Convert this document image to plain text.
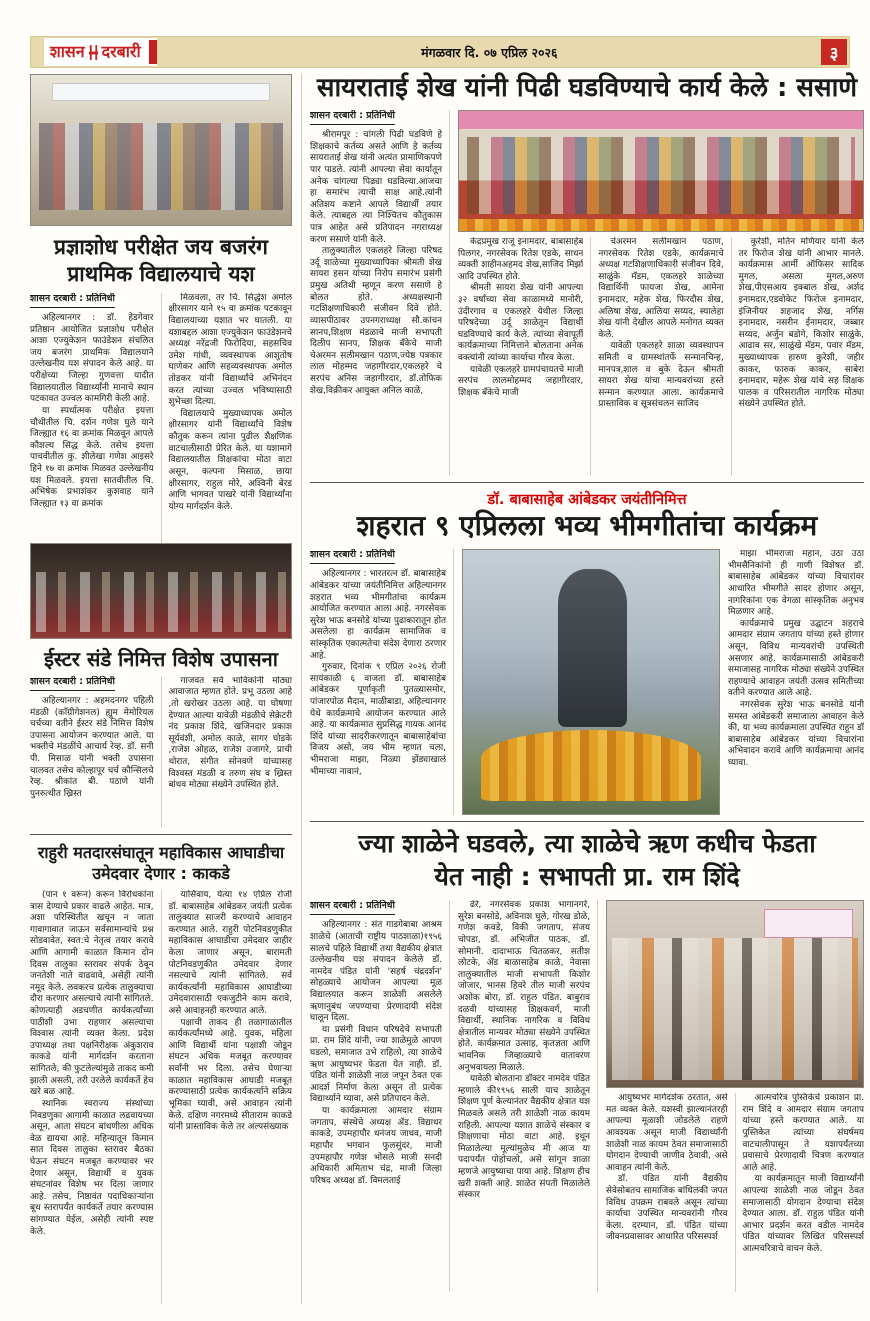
शासन दरबारी	मंगळवार दि. ०७ एप्रिल २०२६	३
प्रज्ञाशोध परीक्षेत जय बजरंग प्राथमिक विद्यालयाचे यश
शासन दरबारी : प्रतिनिधी

अहिल्यानगर : डॉ. हेडगेवार प्रतिष्ठान आयोजित प्रज्ञाशोध परीक्षेत आशा एज्युकेशन फाउंडेशन संचलित जय बजरंग प्राथमिक विद्यालयाने उल्लेखनीय यश संपादन केले आहे. या परीक्षेच्या जिल्हा गुणवत्ता यादीत विद्यालयातील विद्यार्थ्यांनी मानाचे स्थान पटकावत उज्वल कामगिरी केली आहे.

या स्पर्धात्मक परीक्षेत इयत्ता चौथीतील चि. दर्शन गणेश घुले याने जिल्ह्यात १६ वा क्रमांक मिळवून आपले कौशल्य सिद्ध केले. तसेच इयत्ता पाचवीतील कु. शीलेखा गणेश आइसरे हिने १७ वा क्रमांक मिळवत उल्लेखनीय यश मिळवले. इयत्ता सातवीतील चि. अभिषेक प्रभाशंकर कुशवाह याने जिल्ह्यात १३ वा क्रमांक

मिळवला, तर चि. सिद्धेश अमोल क्षीरसागर याने १५ वा क्रमांक पटकावून विद्यालयाच्या यशात भर घातली. या यशाबद्दल आशा एज्युकेशन फाउंडेशनचे अध्यक्ष नरेंद्रजी फिरोदिया, सहसचिव उमेश गांधी, व्यवस्थापक आशुतोष घाणेकर आणि सहव्यवस्थापक अमोल तोडकर यांनी विद्यार्थ्यांचे अभिनंदन करत त्यांच्या उज्वल भविष्यासाठी शुभेच्छा दिल्या.

विद्यालयाचे मुख्याध्यापक अमोल क्षीरसागर यांनी विद्यार्थ्यांचे विशेष कौतुक करून त्यांना पुढील शैक्षणिक वाटचालीसाठी प्रेरित केले. या यशामागे विद्यालयातील शिक्षकांचा मोठा वाटा असून, कल्पना मिसाळ, छाया क्षीरसागर, राहुल मोरे, अश्विनी बेरड आणि भागवत पाखरे यांनी विद्यार्थ्यांना योग्य मार्गदर्शन केले.

ईस्टर संडे निमित्त विशेष उपासना
शासन दरबारी : प्रतिनिधी

अहिल्यानगर : अहमदनगर पहिली मंडळी (काँग्रीगेशनल) ह्युम मेमोरियल चर्चच्या वतीने ईस्टर संडे निमित्त विशेष उपासना आयोजन करण्यात आले. या भक्तीचे मंडळींचे आचार्य रेव्ह. डॉ. सनी पी. मिसाळ यांनी भक्ती उपासना चालवत तसेच कोल्हापूर चर्च कौन्सिलचे रेव्ह. श्रीकांत बी. पठाणे यांनी पुनरुत्थीत ख्रिस्त

गाजवत सर्व भाविकांनी मोठ्या आवाजात म्हणत होते. प्रभू उठला आहे ,तो खरोखर उठला आहे. या घोषणा देण्यात आल्या यावेळी मंडळीचे सेक्रेटरी नंद प्रकाश शिंदे, खजिनदार प्रकाश सूर्यवंशी, अमोल काळे, सागर घोडके ,राजेश ओहळ, राजेश उजागरे, प्राची थोरात, संगीत सोनवणे यांच्यासह विश्वस्त मंडळी व तरुण संघ व ख्रिस्त बांधव मोठ्या संख्येने उपस्थित होते.

राहुरी मतदारसंघातून महाविकास आघाडीचा उमेदवार देणार : काकडे

(पान १ वरून) करून विरोधकांना त्रास देण्याचे प्रकार वाढले आहेत. मात्र, अशा परिस्थितीत खचून न जाता गावागावात जाऊन सर्वसामान्यांचे प्रश्न सोडवावेत, स्वत:चे नेतृत्व तयार करावे आणि आगामी काळात किमान दोन दिवस तालुका स्तरावर संपर्क ठेवून जनतेशी नाते वाढवावे, असेही त्यांनी नमूद केले. लवकरच प्रत्येक तालुक्याचा दौरा करणार असल्याचे त्यांनी सांगितले. कोणत्याही अडचणीत कार्यकर्त्यांच्या पाठीशी उभा राहणार असल्याचा विश्वास त्यांनी व्यक्त केला. प्रदेश उपाध्यक्ष तथा पक्षनिरीक्षक अंकुशराव काकडे यांनी मार्गदर्शन करताना सांगितले, की फुटलेल्यांमुळे ताकद कमी झाली असली, तरी उरलेले कार्यकर्ते हेच खरे बळ आहे.

स्थानिक स्वराज्य संस्थांच्या निवडणुका आगामी काळात लढवायच्या असून, आता संघटन बांधणीला अधिक वेळ द्यायचा आहे. महिन्यातून किमान सात दिवस तालुका स्तरावर बैठका घेऊन संघटन मजबूत करण्यावर भर देणार असून, विद्यार्थी व युवक संघटनांवर विशेष भर दिला जाणार आहे. तसेच, निष्ठावंत पदाधिकाऱ्यांना बूथ स्तरापर्यंत कार्यकर्ते तयार करण्यास सांगण्यात येईल, असेही त्यांनी स्पष्ट केले.

यासिवाय, येत्या १४ एप्रिल रोजी डॉ. बाबासाहेब आंबेडकर जयंती प्रत्येक तालुक्यात साजरी करण्याचे आवाहन करण्यात आले. राहुरी पोटनिवडणुकीत महाविकास आघाडीचा उमेदवार जाहीर केला जाणार असून, बारामती पोटनिवडणुकीत उमेदवार देणार नसल्याचे त्यांनी सांगितले. सर्व कार्यकर्त्यांनी महाविकास आघाडीच्या उमेदवारासाठी एकजुटीने काम करावे, असे आवाहनही करण्यात आले.

पक्षाची ताकद ही तळागाळातील कार्यकर्त्यांमध्ये आहे. युवक, महिला आणि विद्यार्थी यांना पक्षाशी जोडून संघटन अधिक मजबूत करण्यावर सर्वांनी भर दिला. तसेच येणाऱ्या काळात महाविकास आघाडी मजबूत करण्यासाठी प्रत्येक कार्यकर्त्याने सक्रिय भूमिका घ्यावी, असे आवाहन त्यांनी केले. दक्षिण नगरमध्ये सीताराम काकडे यांनी प्रास्ताविक केले तर अल्पसंख्याक

सायराताई शेख यांनी पिढी घडविण्याचे कार्य केले : ससाणे
शासन दरबारी : प्रतिनिधी

श्रीरामपूर : चांगली पिढी घडविणे हे शिक्षकाचे कर्तव्य असते आणि हे कर्तव्य सायराताई शेख यांनी अत्यंत प्रामाणिकपणे पार पाडले. त्यांनी आपल्या सेवा कार्यातून अनेक चांगल्या पिढ्या घडविल्या.आजचा हा समारंभ त्याची साक्ष आहे.त्यांनी अतिशय कष्टाने आपले विद्यार्थी तयार केले. त्याबद्दल त्या निश्चितच कौतुकास पात्र आहेत असे प्रतिपादन नगराध्यक्ष करण ससाणे यांनी केले.

तालुक्यातील एकलहरे जिल्हा परिषद उर्दू शाळेच्या मुख्याध्यापिका श्रीमती शेख सायरा हसन यांच्या निरोप समारंभ प्रसंगी प्रमुख अतिथी म्हणून करण ससाणे हे बोलत होते. अध्यक्षस्थानी गटशिक्षणाधिकारी संजीवन दिवे होते. व्यासपीठावर उपनगराध्यक्ष सौ.कांचन सानप,शिक्षण मंडळाचे माजी सभापती दिलीप सानप, शिक्षक बँकेचे माजी चेअरमन सलीमखान पठाण,ज्येष्ठ पत्रकार लाल मोहम्मद जहागीरदार,एकलहरे चे सरपंच अनिस जहागीरदार, डॉ.तोफिक शेख,विक्रीकर आयुक्त अनिल काळे,

केंद्रप्रमुख राजू इनामदार, बाबासाहेब पिलगर, नगरसेवक रितेश एडके, साधन व्यक्ती शाहीनअहमद शेख,साजिद मिर्झा आदि उपस्थित होते.

श्रीमती सायरा शेख यांनी आपल्या ३२ वर्षांच्या सेवा काळामध्ये मानोरी, उंदीरगाव व एकलहरे येथील जिल्हा परिषदेच्या उर्दू शाळेतून विद्यार्थी घडविण्याचे कार्य केले. त्यांच्या सेवापूर्ती कार्यक्रमाच्या निमित्ताने बोलताना अनेक वक्त्यांनी त्यांच्या कार्याचा गौरव केला.

यावेळी एकलहरे ग्रामपंचायतचे माजी सरपंच लालमोहम्मद जहागीरदार, शिक्षक बँकेचे माजी

चेअरमन सलीमखान पठाण, नगरसेवक रितेश एडके, कार्यक्रमाचे अध्यक्ष गटशिक्षणाधिकारी संजीवन दिवे, साळुंके मॅडम, एकलहरे शाळेच्या विद्यार्थिनी फायजा शेख, आमेना इनामदार, महेक शेख, फिरदौस शेख, अलिषा शेख, आलिया सय्यद, स्यालेहा शेख यांनी देखील आपले मनोगत व्यक्त केले.

यावेळी एकलहरे शाळा व्यवस्थापन समिती व ग्रामस्थांतर्फे सन्मानचिन्ह, मानपत्र,शाल व बुके देऊन श्रीमती सायरा शेख यांचा मान्यवरांच्या हस्ते सन्मान करण्यात आला. कार्यक्रमाचे प्रास्ताविक व सूत्रसंचलन साजिद

कुरेशी, मतिन मणियार यांनी केले तर फिरोज शेख यांनी आभार मानले. कार्यक्रमास आर्मी ऑफिसर सादिक मुगल, असला मुगल,अरुण शेख,पीएसआय इक्बाल शेख, अर्शद इनामदार,एडवोकेट फिरोज इनामदार, इंजिनीयर शहजाद शेख, नर्गिस इनामदार, नसरीन ईनामदार, जब्बार सय्यद, अर्जुन बडोगे, किशोर साळुंके, आढाव सर, साळुंखे मॅडम, पवार मॅडम, मुख्याध्यापक हारुण कुरेशी, जहीर काकर, फारुक काकर, साबेरा इनामदार, महेरू शेख यांचे सह शिक्षक पालक व परिसरातील नागरिक मोठ्या संख्येने उपस्थित होते.

डॉ. बाबासाहेब आंबेडकर जयंतीनिमित्त
शहरात ९ एप्रिलला भव्य भीमगीतांचा कार्यक्रम
शासन दरबारी : प्रतिनिधी

अहिल्यानगर : भारतरत्न डॉ. बाबासाहेब आंबेडकर यांच्या जयंतीनिमित्त अहिल्यानगर शहरात भव्य भीमगीतांचा कार्यक्रम आयोजित करण्यात आला आहे. नगरसेवक सुरेश भाऊ बनसोडे यांच्या पुढाकारातून होत असलेला हा कार्यक्रम सामाजिक व सांस्कृतिक एकात्मतेचा संदेश देणारा ठरणार आहे.

गुरुवार, दिनांक ९ एप्रिल २०२६ रोजी सायंकाळी ६ वाजता डॉ. बाबासाहेब आंबेडकर पूर्णाकृती पुतळ्यासमोर, पांजारपोळ मैदान, माळीबाडा, अहिल्यानगर येथे कार्यक्रमाचे आयोजन करण्यात आले आहे. या कार्यक्रमात सुप्रसिद्ध गायक आनंद शिंदे यांच्या सादरीकरणातून बाबासाहेबांचा विजय असो, जय भीम म्हणत चला, भीमराजा माझा, निळ्या झेंड्याखालं भीमाच्या नावानं,

माझा भीमराजा महान, उठा उठा भीमसैनिकांनो ही गाणी विशेषत डॉ. बाबासाहेब आंबेडकर यांच्या विचारांवर आधारित भीमगीते सादर होणार असून, नागरिकांना एक वेगळा सांस्कृतिक अनुभव मिळणार आहे.

कार्यक्रमाचे प्रमुख उद्घाटन शहराचे आमदार संग्राम जगताप यांच्या हस्ते होणार असून, विविध मान्यवरांची उपस्थिती असणार आहे. कार्यक्रमासाठी आंबेडकरी समाजासह नागरिक मोठ्या संख्येने उपस्थित राहण्याचे आवाहन जयंती उत्सव समितीच्या वतीने करण्यात आले आहे.

नगरसेवक सुरेश भाऊ बनसोडे यांनी समस्त आंबेडकरी समाजाला आवाहन केले की, या भव्य कार्यक्रमाला उपस्थित राहून डॉ बाबासाहेब आंबेडकर यांच्या विचारांना अभिवादन करावे आणि कार्यक्रमाचा आनंद घ्यावा.

ज्या शाळेने घडवले, त्या शाळेचे ऋण कधीच फेडता येत नाही : सभापती प्रा. राम शिंदे
शासन दरबारी : प्रतिनिधी

अहिल्यानगर : संत गाडगेबाबा आश्रम शाळेचे (आताची राष्ट्रीय पाठशाळा)१९५६ सालचे पहिले विद्यार्थी तथा वैद्यकीय क्षेत्रात उल्लेखनीय यश संपादन केलेले डॉ. नामदेव पंडित यांनी 'सहर्ष चंद्रदर्शन' सोहळ्याचे आयोजन आपल्या मूळ विद्यालयात करून शाळेशी असलेले ऋणानुबंध जपण्याचा प्रेरणादायी संदेश घालून दिला.

या प्रसंगी विधान परिषदेचे सभापती प्रा. राम शिंदे यांनी, ज्या शाळेमुळे आपण घडलो, समाजात उभे राहिलो, त्या शाळेचे ऋण आयुष्यभर फेडता येत नाही. डॉ. पंडित यांनी शाळेशी नाळ जपून ठेवत एक आदर्श निर्माण केला असून तो प्रत्येक विद्यार्थ्याने घ्यावा, असे प्रतिपादन केले.

या कार्यक्रमाला आमदार संग्राम जगताप, संस्थेचे अध्यक्ष ॲड. विद्याधर काकडे, उपमहापौर धनंजय जाधव, माजी महापौर भगवान फुलसुंदर, माजी उपमहापौर गणेश भोसले माजी सनदी अधिकारी अमिताभ चंद्र, माजी जिल्हा परिषद अध्यक्ष डॉ. विमलताई

ढेरे, नगरसेवक प्रकाश भागानगरे, सुरेश बनसोडे, अविनाश घुले, गोरख डोळे, गणेश कवडे, विकी जगताप, संजय चोपडा, डॉ. अभिजीत पाठक, डॉ. सोमानी. दादाभाऊ चितळकर, सतीश लोटके, ॲड बाळासाहेब काळे, नेवासा तालुक्यातील माजी सभापती किशोर जोजार, भानस हिवरे तील माजी सरपंच अशोक बोरा, डॉ. राहुल पंडित. बाबुराव दळवी यांच्यासह शिक्षकवर्ग, माजी विद्यार्थी, स्थानिक नागरिक व विविध क्षेत्रातील मान्यवर मोठ्या संख्येने उपस्थित होते. कार्यक्रमात उत्साह, कृतज्ञता आणि भावनिक जिव्हाळ्याचे वातावरण अनुभवायला मिळाले.

यावेळी बोलताना डॉक्टर नामदेव पंडित म्हणाले की१९५६ साली याच शाळेतून शिक्षण पूर्ण केल्यानंतर वैद्यकीय क्षेत्रात यश मिळवले असले तरी शाळेशी नाळ कायम राहिली. आपल्या यशात शाळेचे संस्कार व शिक्षणाचा मोठा वाटा आहे. इथून मिळालेल्या मूल्यांमुळेच मी आज या पदापर्यंत पोहोचलो, असे सांगून शाळा म्हणजे आयुष्याचा पाया आहे. शिक्षण हीच खरी शक्ती आहे. शाळेत संपती मिळालेले संस्कार

आयुष्यभर मार्गदर्शक ठरतात, असे मत व्यक्त केले. यशस्वी झाल्यानंतरही आपल्या मूळाशी जोडलेले राहणे आवश्यक असून माजी विद्यार्थ्यांनी शाळेशी नाळ कायम ठेवत समाजासाठी योगदान देण्याची जाणीव ठेवावी, असे आवाहन त्यांनी केले.

डॉ. पंडित यांनी वैद्यकीय सेवेसोबतच सामाजिक बांधिलकी जपत विविध उपक्रम राबवले असून त्यांच्या कार्याचा उपस्थित मान्यवरांनी गौरव केला. दरम्यान, डॉ. पंडित यांच्या जीवनप्रवासावर आधारित परिसस्पर्श

आत्मचरित्र पुस्तिकेचे प्रकाशन प्रा. राम शिंदे व आमदार संग्राम जगताप यांच्या हस्ते करण्यात आले. या पुस्तिकेत त्यांच्या संघर्षमय वाटचालीपासून ते यशापर्यंतच्या प्रवासाचे प्रेरणादायी चित्रण करण्यात आले आहे.

या कार्यक्रमातून माजी विद्यार्थ्यांनी आपल्या शाळेशी नाळ जोडून ठेवत समाजासाठी योगदान देण्याचा संदेश देण्यात आला. डॉ. राहुल पंडित यांनी आभार प्रदर्शन करत वडील नामदेव पंडित यांच्यावर लिखित परिसस्पर्श आत्मचरित्राचे वाचन केले.
